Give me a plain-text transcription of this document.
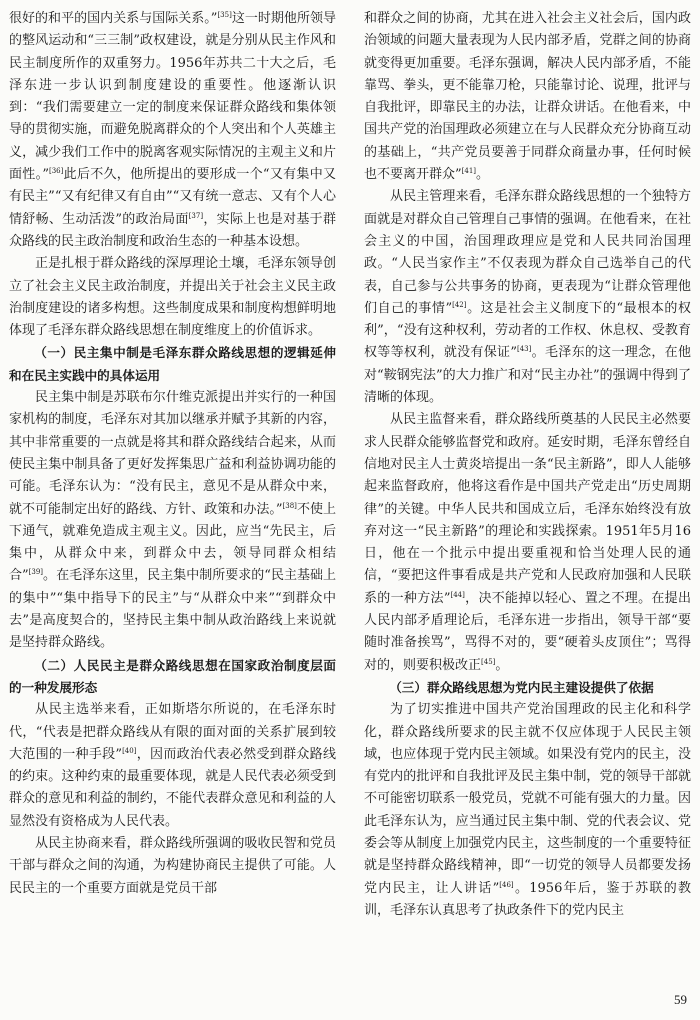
很好的和平的国内关系与国际关系。”[35]这一时期他所领导的整风运动和“三三制”政权建设，就是分别从民主作风和民主制度所作的双重努力。1956年苏共二十大之后，毛泽东进一步认识到制度建设的重要性。他逐渐认识到：“我们需要建立一定的制度来保证群众路线和集体领导的贯彻实施，而避免脱离群众的个人突出和个人英雄主义，减少我们工作中的脱离客观实际情况的主观主义和片面性。”[36]此后不久，他所提出的要形成一个“又有集中又有民主”“又有纪律又有自由”“又有统一意志、又有个人心情舒畅、生动活泼”的政治局面[37]，实际上也是对基于群众路线的民主政治制度和政治生态的一种基本设想。

正是扎根于群众路线的深厚理论土壤，毛泽东领导创立了社会主义民主政治制度，并提出关于社会主义民主政治制度建设的诸多构想。这些制度成果和制度构想鲜明地体现了毛泽东群众路线思想在制度维度上的价值诉求。

（一）民主集中制是毛泽东群众路线思想的逻辑延伸和在民主实践中的具体运用

民主集中制是苏联布尔什维克派提出并实行的一种国家机构的制度，毛泽东对其加以继承并赋予其新的内容，其中非常重要的一点就是将其和群众路线结合起来，从而使民主集中制具备了更好发挥集思广益和利益协调功能的可能。毛泽东认为：“没有民主，意见不是从群众中来，就不可能制定出好的路线、方针、政策和办法。”[38]不使上下通气，就难免造成主观主义。因此，应当“先民主，后集中，从群众中来，到群众中去，领导同群众相结合”[39]。在毛泽东这里，民主集中制所要求的“民主基础上的集中”“集中指导下的民主”与“从群众中来”“到群众中去”是高度契合的，坚持民主集中制从政治路线上来说就是坚持群众路线。

（二）人民民主是群众路线思想在国家政治制度层面的一种发展形态

从民主选举来看，正如斯塔尔所说的，在毛泽东时代，“代表是把群众路线从有限的面对面的关系扩展到较大范围的一种手段”[40]，因而政治代表必然受到群众路线的约束。这种约束的最重要体现，就是人民代表必须受到群众的意见和利益的制约，不能代表群众意见和利益的人显然没有资格成为人民代表。

从民主协商来看，群众路线所强调的吸收民智和党员干部与群众之间的沟通，为构建协商民主提供了可能。人民民主的一个重要方面就是党员干部

和群众之间的协商，尤其在进入社会主义社会后，国内政治领域的问题大量表现为人民内部矛盾，党群之间的协商就变得更加重要。毛泽东强调，解决人民内部矛盾，不能靠骂、拳头，更不能靠刀枪，只能靠讨论、说理，批评与自我批评，即靠民主的办法，让群众讲话。在他看来，中国共产党的治国理政必须建立在与人民群众充分协商互动的基础上，“共产党员要善于同群众商量办事，任何时候也不要离开群众”[41]。

从民主管理来看，毛泽东群众路线思想的一个独特方面就是对群众自己管理自己事情的强调。在他看来，在社会主义的中国，治国理政理应是党和人民共同治国理政。“人民当家作主”不仅表现为群众自己选举自己的代表，自己参与公共事务的协商，更表现为“让群众管理他们自己的事情”[42]。这是社会主义制度下的“最根本的权利”，“没有这种权利，劳动者的工作权、休息权、受教育权等等权利，就没有保证”[43]。毛泽东的这一理念，在他对“鞍钢宪法”的大力推广和对“民主办社”的强调中得到了清晰的体现。

从民主监督来看，群众路线所奠基的人民民主必然要求人民群众能够监督党和政府。延安时期，毛泽东曾经自信地对民主人士黄炎培提出一条“民主新路”，即人人能够起来监督政府，他将这看作是中国共产党走出“历史周期律”的关键。中华人民共和国成立后，毛泽东始终没有放弃对这一“民主新路”的理论和实践探索。1951年5月16日，他在一个批示中提出要重视和恰当处理人民的通信，“要把这件事看成是共产党和人民政府加强和人民联系的一种方法”[44]，决不能掉以轻心、置之不理。在提出人民内部矛盾理论后，毛泽东进一步指出，领导干部“要随时准备挨骂”，骂得不对的，要“硬着头皮顶住”；骂得对的，则要积极改正[45]。

（三）群众路线思想为党内民主建设提供了依据

为了切实推进中国共产党治国理政的民主化和科学化，群众路线所要求的民主就不仅应体现于人民民主领域，也应体现于党内民主领域。如果没有党内的民主，没有党内的批评和自我批评及民主集中制，党的领导干部就不可能密切联系一般党员，党就不可能有强大的力量。因此毛泽东认为，应当通过民主集中制、党的代表会议、党委会等从制度上加强党内民主，这些制度的一个重要特征就是坚持群众路线精神，即“一切党的领导人员都要发扬党内民主，让人讲话”[46]。1956年后，鉴于苏联的教训，毛泽东认真思考了执政条件下的党内民主

59
